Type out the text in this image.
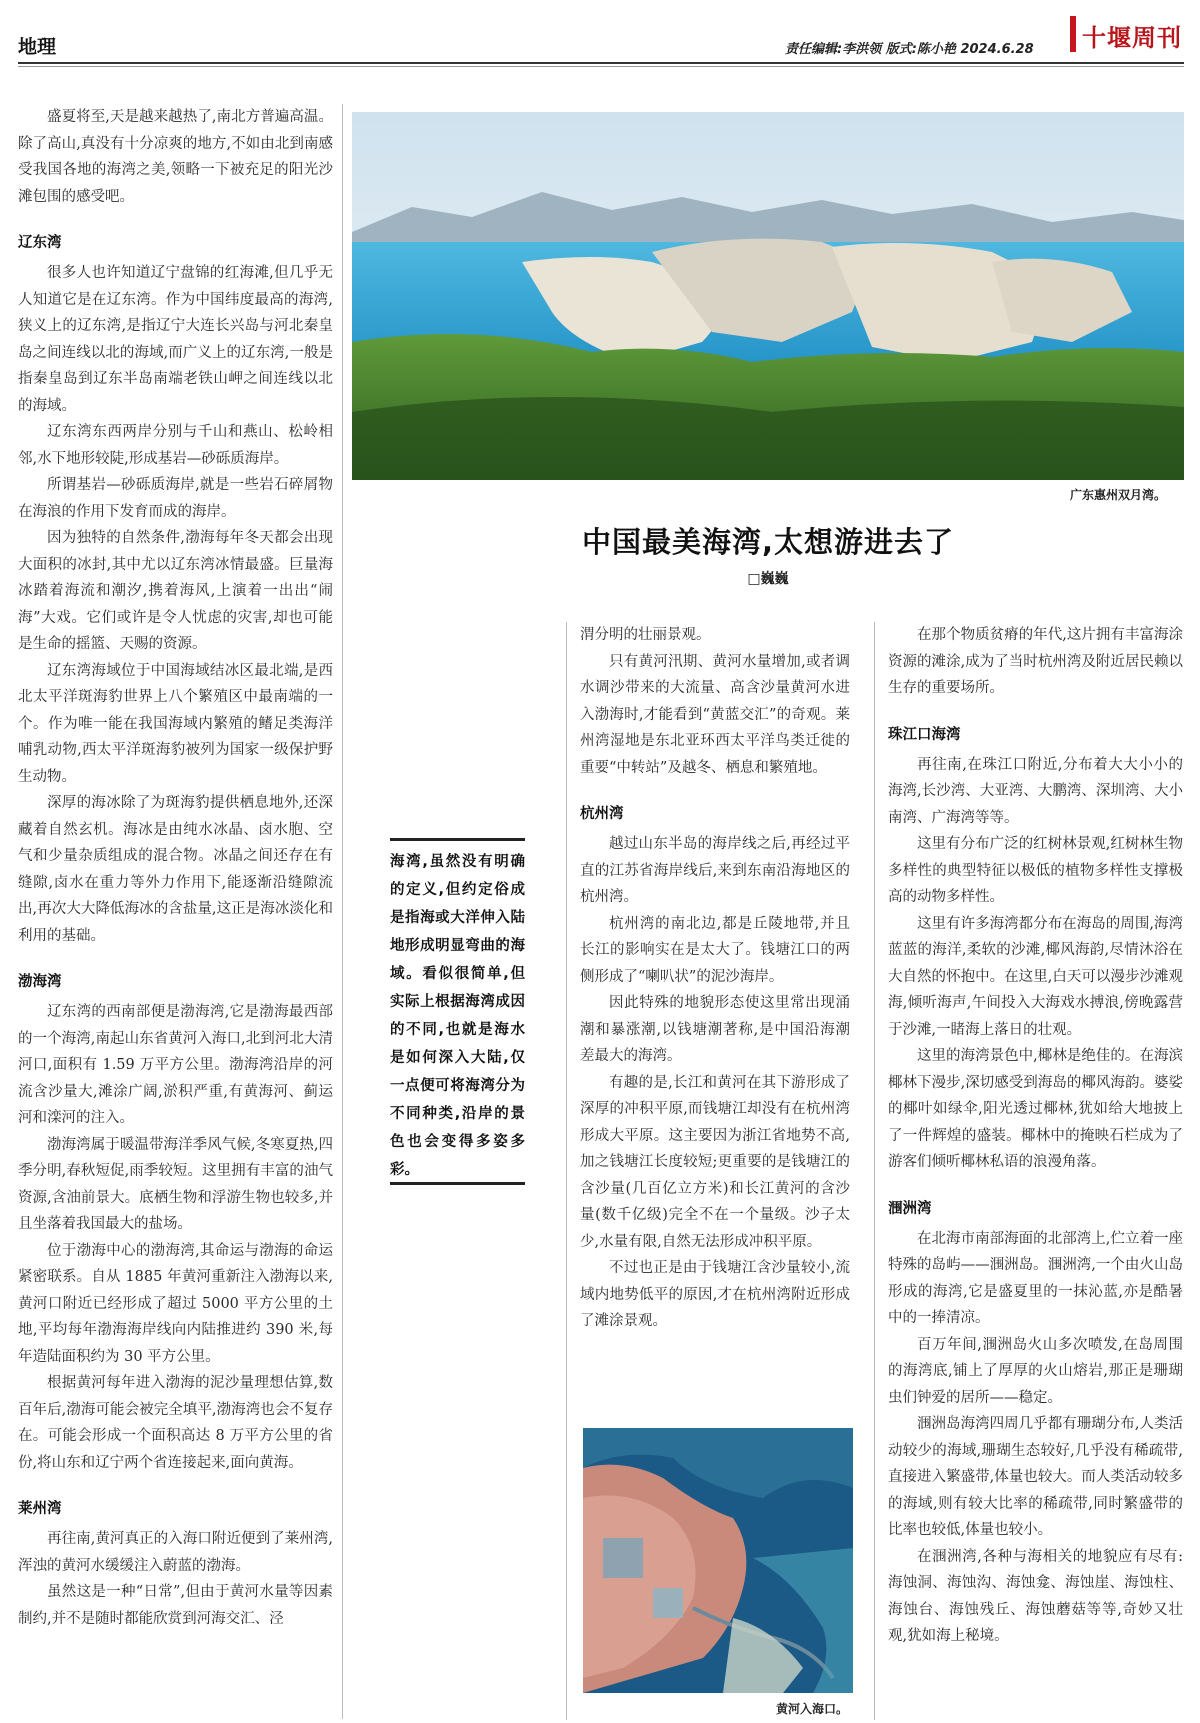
地理	责任编辑:李洪领 版式:陈小艳 2024.6.28 十堰周刊

盛夏将至,天是越来越热了,南北方普遍高温。除了高山,真没有十分凉爽的地方,不如由北到南感受我国各地的海湾之美,领略一下被充足的阳光沙滩包围的感受吧。

辽东湾

很多人也许知道辽宁盘锦的红海滩,但几乎无人知道它是在辽东湾。作为中国纬度最高的海湾,狭义上的辽东湾,是指辽宁大连长兴岛与河北秦皇岛之间连线以北的海域,而广义上的辽东湾,一般是指秦皇岛到辽东半岛南端老铁山岬之间连线以北的海域。

辽东湾东西两岸分别与千山和燕山、松岭相邻,水下地形较陡,形成基岩—砂砾质海岸。

所谓基岩—砂砾质海岸,就是一些岩石碎屑物在海浪的作用下发育而成的海岸。

因为独特的自然条件,渤海每年冬天都会出现大面积的冰封,其中尤以辽东湾冰情最盛。巨量海冰踏着海流和潮汐,携着海风,上演着一出出“闹海”大戏。它们或许是令人忧虑的灾害,却也可能是生命的摇篮、天赐的资源。

辽东湾海域位于中国海域结冰区最北端,是西北太平洋斑海豹世界上八个繁殖区中最南端的一个。作为唯一能在我国海域内繁殖的鳍足类海洋哺乳动物,西太平洋斑海豹被列为国家一级保护野生动物。

深厚的海冰除了为斑海豹提供栖息地外,还深藏着自然玄机。海冰是由纯水冰晶、卤水胞、空气和少量杂质组成的混合物。冰晶之间还存在有缝隙,卤水在重力等外力作用下,能逐渐沿缝隙流出,再次大大降低海冰的含盐量,这正是海冰淡化和利用的基础。

渤海湾

辽东湾的西南部便是渤海湾,它是渤海最西部的一个海湾,南起山东省黄河入海口,北到河北大清河口,面积有 1.59 万平方公里。渤海湾沿岸的河流含沙量大,滩涂广阔,淤积严重,有黄海河、蓟运河和滦河的注入。

渤海湾属于暖温带海洋季风气候,冬寒夏热,四季分明,春秋短促,雨季较短。这里拥有丰富的油气资源,含油前景大。底栖生物和浮游生物也较多,并且坐落着我国最大的盐场。

位于渤海中心的渤海湾,其命运与渤海的命运紧密联系。自从 1885 年黄河重新注入渤海以来,黄河口附近已经形成了超过 5000 平方公里的土地,平均每年渤海海岸线向内陆推进约 390 米,每年造陆面积约为 30 平方公里。

根据黄河每年进入渤海的泥沙量理想估算,数百年后,渤海可能会被完全填平,渤海湾也会不复存在。可能会形成一个面积高达 8 万平方公里的省份,将山东和辽宁两个省连接起来,面向黄海。

莱州湾

再往南,黄河真正的入海口附近便到了莱州湾,浑浊的黄河水缓缓注入蔚蓝的渤海。

虽然这是一种“日常”,但由于黄河水量等因素制约,并不是随时都能欣赏到河海交汇、泾

广东惠州双月湾。
中国最美海湾,太想游进去了
□巍巍
海湾,虽然没有明确的定义,但约定俗成是指海或大洋伸入陆地形成明显弯曲的海域。看似很简单,但实际上根据海湾成因的不同,也就是海水是如何深入大陆,仅一点便可将海湾分为不同种类,沿岸的景色也会变得多姿多彩。

渭分明的壮丽景观。

只有黄河汛期、黄河水量增加,或者调水调沙带来的大流量、高含沙量黄河水进入渤海时,才能看到“黄蓝交汇”的奇观。莱州湾湿地是东北亚环西太平洋鸟类迁徙的重要“中转站”及越冬、栖息和繁殖地。

杭州湾

越过山东半岛的海岸线之后,再经过平直的江苏省海岸线后,来到东南沿海地区的杭州湾。

杭州湾的南北边,都是丘陵地带,并且长江的影响实在是太大了。钱塘江口的两侧形成了“喇叭状”的泥沙海岸。

因此特殊的地貌形态使这里常出现涌潮和暴涨潮,以钱塘潮著称,是中国沿海潮差最大的海湾。

有趣的是,长江和黄河在其下游形成了深厚的冲积平原,而钱塘江却没有在杭州湾形成大平原。这主要因为浙江省地势不高,加之钱塘江长度较短;更重要的是钱塘江的含沙量(几百亿立方米)和长江黄河的含沙量(数千亿级)完全不在一个量级。沙子太少,水量有限,自然无法形成冲积平原。

不过也正是由于钱塘江含沙量较小,流域内地势低平的原因,才在杭州湾附近形成了滩涂景观。

黄河入海口。

在那个物质贫瘠的年代,这片拥有丰富海涂资源的滩涂,成为了当时杭州湾及附近居民赖以生存的重要场所。

珠江口海湾

再往南,在珠江口附近,分布着大大小小的海湾,长沙湾、大亚湾、大鹏湾、深圳湾、大小南湾、广海湾等等。

这里有分布广泛的红树林景观,红树林生物多样性的典型特征以极低的植物多样性支撑极高的动物多样性。

这里有许多海湾都分布在海岛的周围,海湾蓝蓝的海洋,柔软的沙滩,椰风海韵,尽情沐浴在大自然的怀抱中。在这里,白天可以漫步沙滩观海,倾听海声,午间投入大海戏水搏浪,傍晚露营于沙滩,一睹海上落日的壮观。

这里的海湾景色中,椰林是绝佳的。在海滨椰林下漫步,深切感受到海岛的椰风海韵。婆娑的椰叶如绿伞,阳光透过椰林,犹如给大地披上了一件辉煌的盛装。椰林中的掩映石栏成为了游客们倾听椰林私语的浪漫角落。

涠洲湾

在北海市南部海面的北部湾上,伫立着一座特殊的岛屿——涠洲岛。涠洲湾,一个由火山岛形成的海湾,它是盛夏里的一抹沁蓝,亦是酷暑中的一捧清凉。

百万年间,涠洲岛火山多次喷发,在岛周围的海湾底,铺上了厚厚的火山熔岩,那正是珊瑚虫们钟爱的居所——稳定。

涠洲岛海湾四周几乎都有珊瑚分布,人类活动较少的海域,珊瑚生态较好,几乎没有稀疏带,直接进入繁盛带,体量也较大。而人类活动较多的海域,则有较大比率的稀疏带,同时繁盛带的比率也较低,体量也较小。

在涠洲湾,各种与海相关的地貌应有尽有:海蚀洞、海蚀沟、海蚀龛、海蚀崖、海蚀柱、海蚀台、海蚀残丘、海蚀蘑菇等等,奇妙又壮观,犹如海上秘境。
